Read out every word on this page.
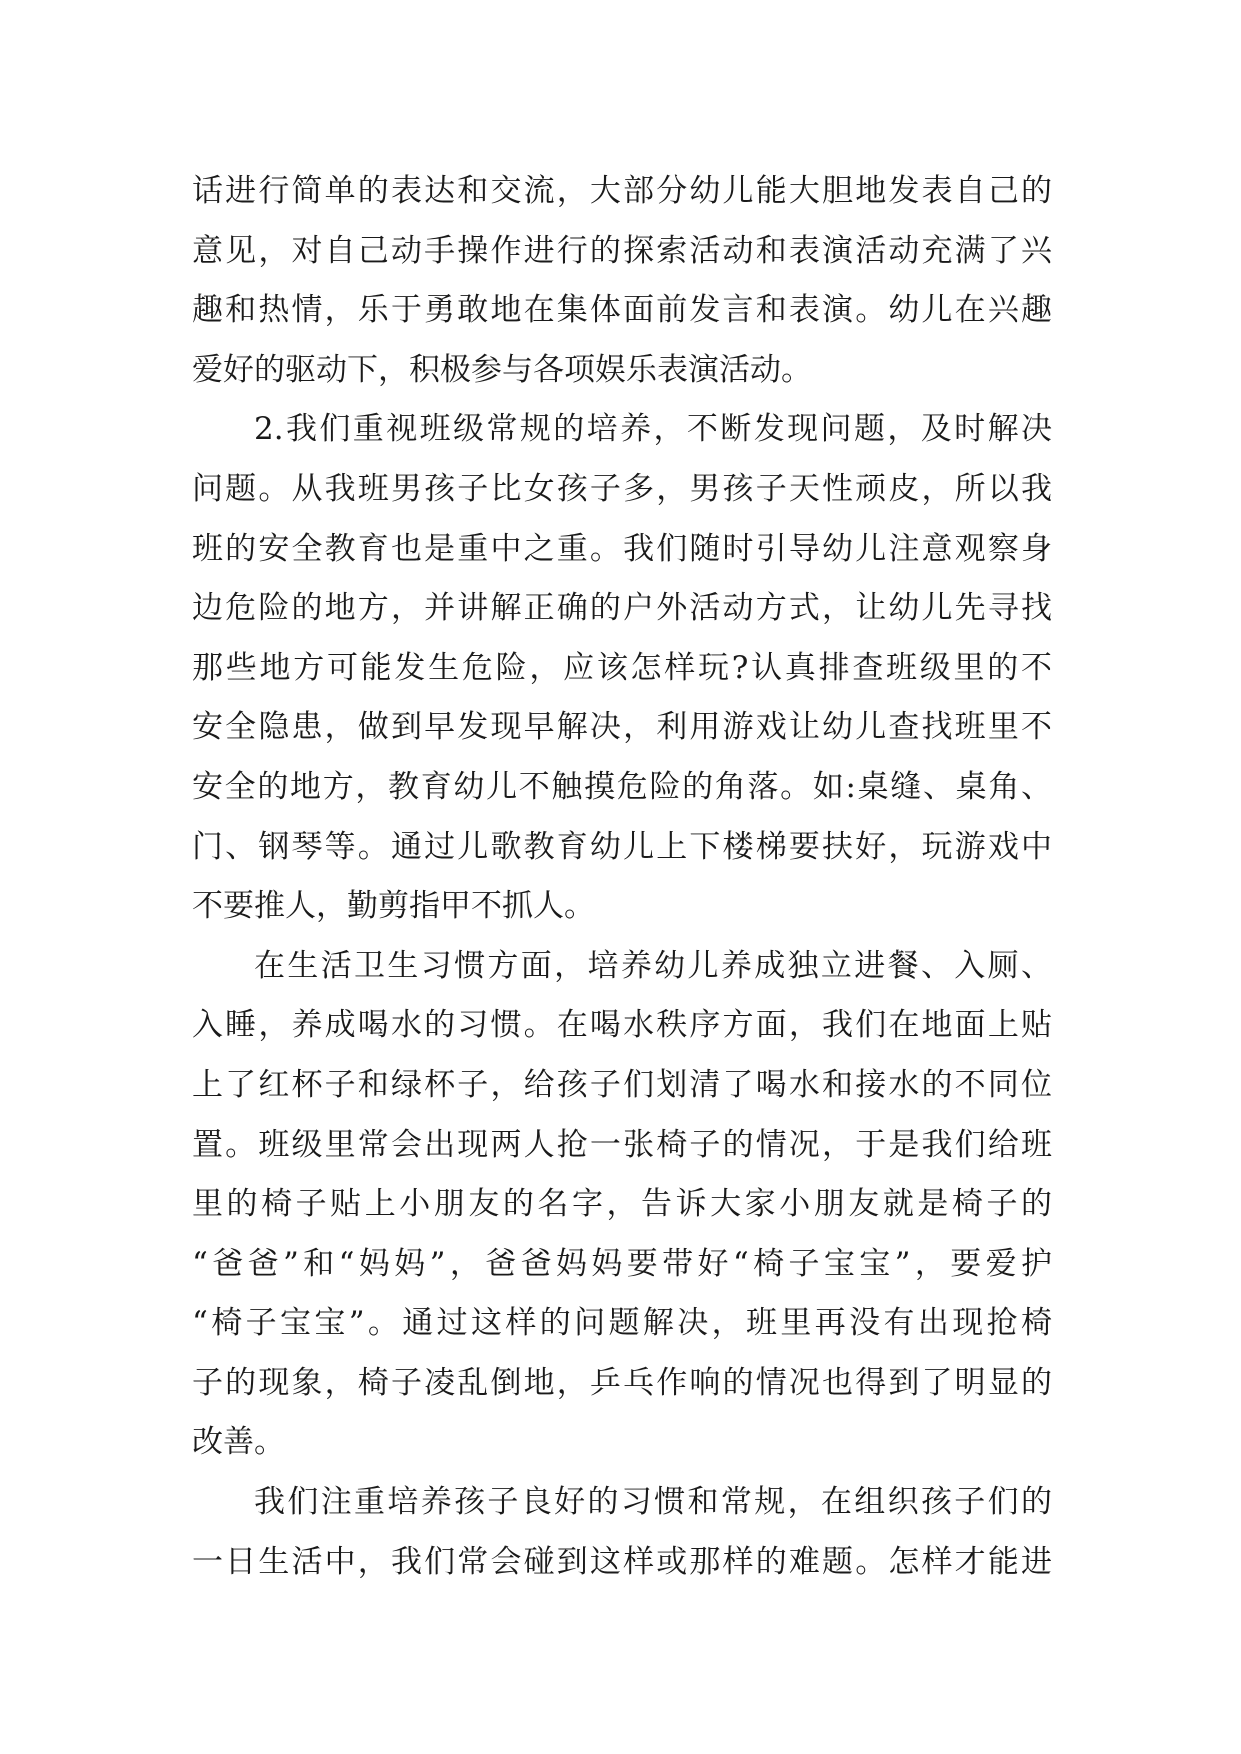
话进行简单的表达和交流，大部分幼儿能大胆地发表自己的
意见，对自己动手操作进行的探索活动和表演活动充满了兴
趣和热情，乐于勇敢地在集体面前发言和表演。幼儿在兴趣
爱好的驱动下，积极参与各项娱乐表演活动。
2.我们重视班级常规的培养，不断发现问题，及时解决
问题。从我班男孩子比女孩子多，男孩子天性顽皮，所以我
班的安全教育也是重中之重。我们随时引导幼儿注意观察身
边危险的地方，并讲解正确的户外活动方式，让幼儿先寻找
那些地方可能发生危险，应该怎样玩?认真排查班级里的不
安全隐患，做到早发现早解决，利用游戏让幼儿查找班里不
安全的地方，教育幼儿不触摸危险的角落。如:桌缝、桌角、
门、钢琴等。通过儿歌教育幼儿上下楼梯要扶好，玩游戏中
不要推人，勤剪指甲不抓人。
在生活卫生习惯方面，培养幼儿养成独立进餐、入厕、
入睡，养成喝水的习惯。在喝水秩序方面，我们在地面上贴
上了红杯子和绿杯子，给孩子们划清了喝水和接水的不同位
置。班级里常会出现两人抢一张椅子的情况，于是我们给班
里的椅子贴上小朋友的名字，告诉大家小朋友就是椅子的
“爸爸”和“妈妈”，爸爸妈妈要带好“椅子宝宝”，要爱护
“椅子宝宝”。通过这样的问题解决，班里再没有出现抢椅
子的现象，椅子凌乱倒地，乒乓作响的情况也得到了明显的
改善。
我们注重培养孩子良好的习惯和常规，在组织孩子们的
一日生活中，我们常会碰到这样或那样的难题。怎样才能进
